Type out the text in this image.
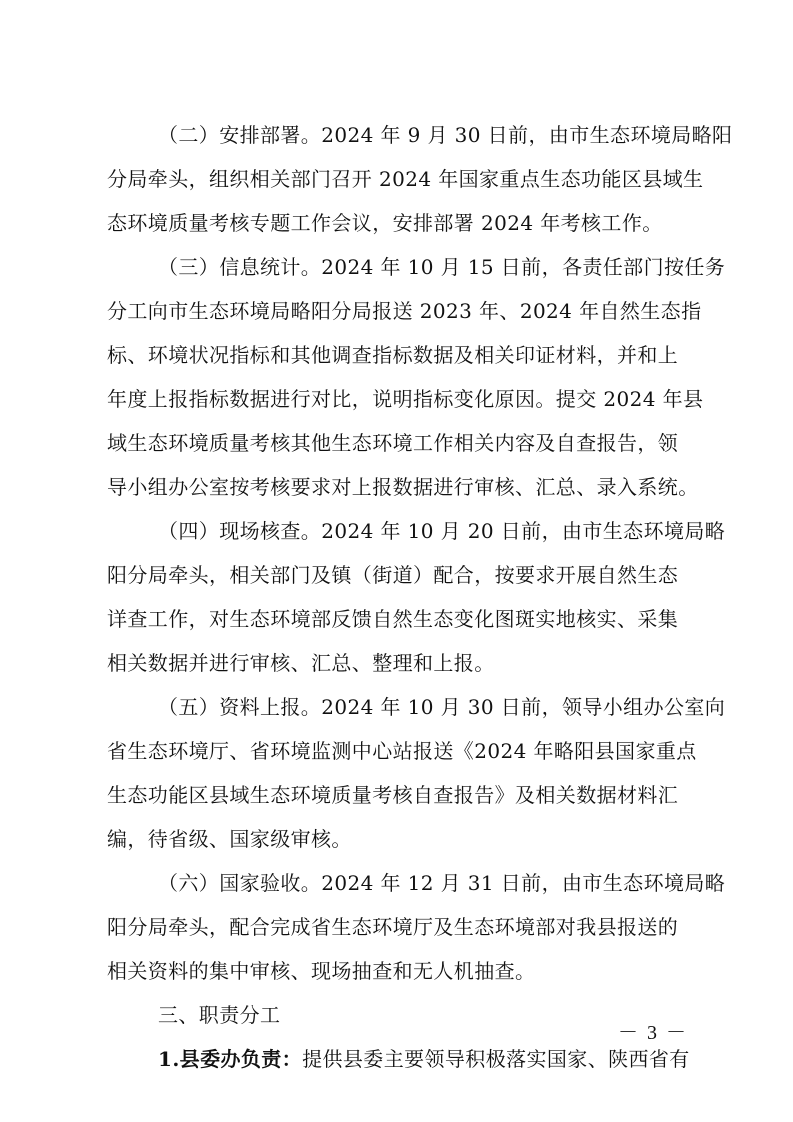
（二）安排部署。2024 年 9 月 30 日前，由市生态环境局略阳
分局牵头，组织相关部门召开 2024 年国家重点生态功能区县域生
态环境质量考核专题工作会议，安排部署 2024 年考核工作。
（三）信息统计。2024 年 10 月 15 日前，各责任部门按任务
分工向市生态环境局略阳分局报送 2023 年、2024 年自然生态指
标、环境状况指标和其他调查指标数据及相关印证材料，并和上
年度上报指标数据进行对比，说明指标变化原因。提交 2024 年县
域生态环境质量考核其他生态环境工作相关内容及自查报告，领
导小组办公室按考核要求对上报数据进行审核、汇总、录入系统。
（四）现场核查。2024 年 10 月 20 日前，由市生态环境局略
阳分局牵头，相关部门及镇（街道）配合，按要求开展自然生态
详查工作，对生态环境部反馈自然生态变化图斑实地核实、采集
相关数据并进行审核、汇总、整理和上报。
（五）资料上报。2024 年 10 月 30 日前，领导小组办公室向
省生态环境厅、省环境监测中心站报送《2024 年略阳县国家重点
生态功能区县域生态环境质量考核自查报告》及相关数据材料汇
编，待省级、国家级审核。
（六）国家验收。2024 年 12 月 31 日前，由市生态环境局略
阳分局牵头，配合完成省生态环境厅及生态环境部对我县报送的
相关资料的集中审核、现场抽查和无人机抽查。
三、职责分工
1.县委办负责：提供县委主要领导积极落实国家、陕西省有
－ 3 －
